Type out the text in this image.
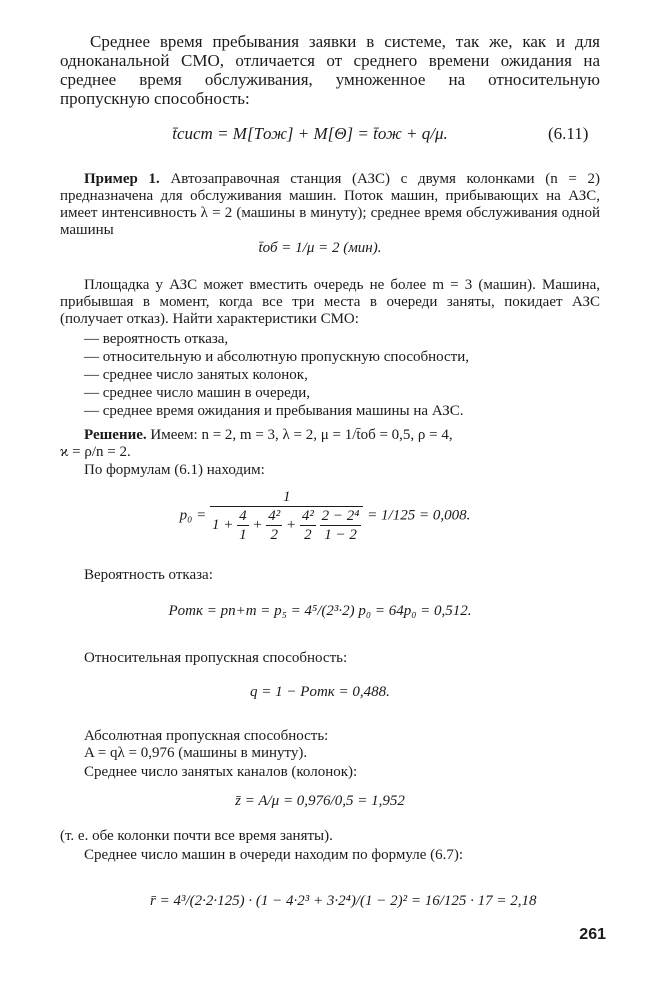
Среднее время пребывания заявки в системе, так же, как и для одноканальной СМО, отличается от среднего времени ожидания на среднее время обслуживания, умноженное на относительную пропускную способность:

t̄сист = M[Tож] + M[Θ] = t̄ож + q/μ.	(6.11)

Пример 1. Автозаправочная станция (АЗС) с двумя колонками (n = 2) предназначена для обслуживания машин. Поток машин, прибывающих на АЗС, имеет интенсивность λ = 2 (машины в минуту); среднее время обслуживания одной машины

t̄об = 1/μ = 2 (мин).

Площадка у АЗС может вместить очередь не более m = 3 (машин). Машина, прибывшая в момент, когда все три места в очереди заняты, покидает АЗС (получает отказ). Найти характеристики СМО:

— вероятность отказа,
— относительную и абсолютную пропускную способности,
— среднее число занятых колонок,
— среднее число машин в очереди,
— среднее время ожидания и пребывания машины на АЗС.

Решение. Имеем: n = 2, m = 3, λ = 2, μ = 1/t̄об = 0,5, ρ = 4,

ϰ = ρ/n = 2.

По формулам (6.1) находим:

p₀ = 1
$1 + \frac{4}{1} + \frac{\text{4²}}{2} + \frac{\text{4²}}{2}$
$\frac{\text{2 − 2⁴}}{1 - 2} = 1/125 = 0,008$.

Вероятность отказа:

Pотк = pn+m = p₅ = 4⁵/(2³·2) p₀ = 64p₀ = 0,512.

Относительная пропускная способность:

q = 1 − Pотк = 0,488.

Абсолютная пропускная способность:

A = qλ = 0,976 (машины в минуту).

Среднее число занятых каналов (колонок):

z̄ = A/μ = 0,976/0,5 = 1,952

(т. е. обе колонки почти все время заняты).

Среднее число машин в очереди находим по формуле (6.7):

r̄ = 4³/(2·2·125) · (1 − 4·2³ + 3·2⁴)/(1 − 2)² = 16/125 · 17 = 2,18
261
